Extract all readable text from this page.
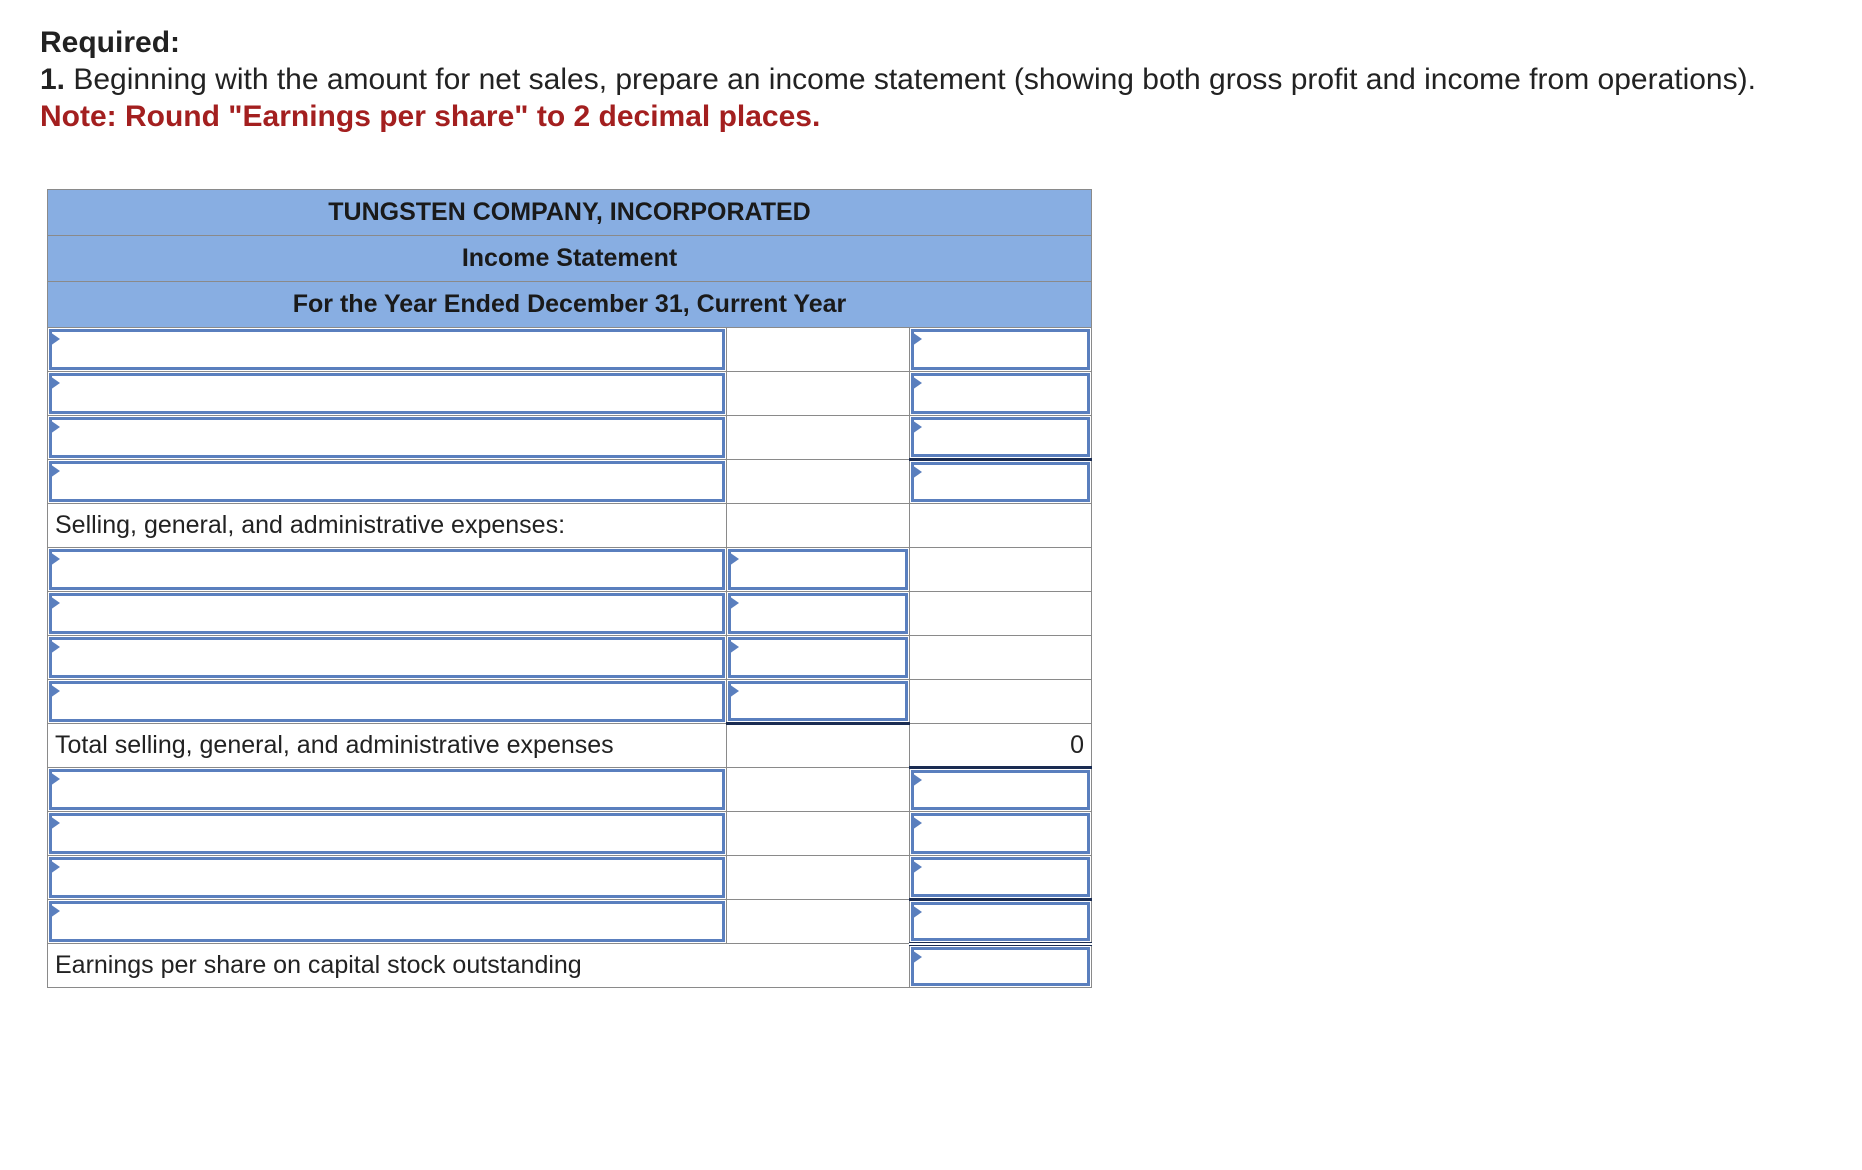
Required:
1. Beginning with the amount for net sales, prepare an income statement (showing both gross profit and income from operations).
Note: Round "Earnings per share" to 2 decimal places.
TUNGSTEN COMPANY, INCORPORATED		
Income Statement		
For the Year Ended December 31, Current Year		

Selling, general, and administrative expenses:		

Total selling, general, and administrative expenses		0

Earnings per share on capital stock outstanding		
